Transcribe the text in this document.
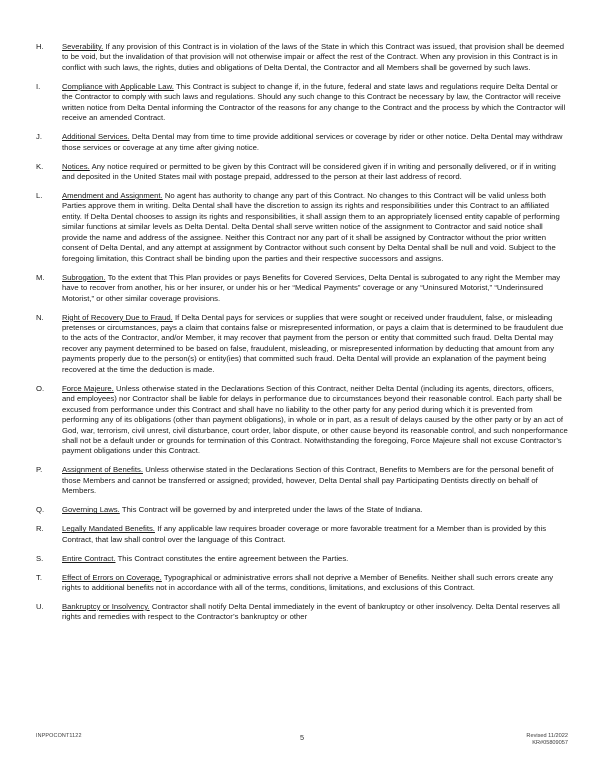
H.	Severability. If any provision of this Contract is in violation of the laws of the State in which this Contract was issued, that provision shall be deemed to be void, but the invalidation of that provision will not otherwise impair or affect the rest of the Contract. When any provision in this Contract is in conflict with such laws, the rights, duties and obligations of Delta Dental, the Contractor and all Members shall be governed by such laws.
I.	Compliance with Applicable Law. This Contract is subject to change if, in the future, federal and state laws and regulations require Delta Dental or the Contractor to comply with such laws and regulations. Should any such change to this Contract be necessary by law, the Contractor will receive written notice from Delta Dental informing the Contractor of the reasons for any change to the Contract and the process by which the Contractor will receive an amended Contract.
J.	Additional Services. Delta Dental may from time to time provide additional services or coverage by rider or other notice. Delta Dental may withdraw those services or coverage at any time after giving notice.
K.	Notices. Any notice required or permitted to be given by this Contract will be considered given if in writing and personally delivered, or if in writing and deposited in the United States mail with postage prepaid, addressed to the person at their last address of record.
L.	Amendment and Assignment. No agent has authority to change any part of this Contract. No changes to this Contract will be valid unless both Parties approve them in writing. Delta Dental shall have the discretion to assign its rights and responsibilities under this Contract to an affiliated entity. If Delta Dental chooses to assign its rights and responsibilities, it shall assign them to an appropriately licensed entity capable of performing similar functions at similar levels as Delta Dental. Delta Dental shall serve written notice of the assignment to Contractor and said notice shall provide the name and address of the assignee. Neither this Contract nor any part of it shall be assigned by Contractor without the prior written consent of Delta Dental, and any attempt at assignment by Contractor without such consent by Delta Dental shall be null and void. Subject to the foregoing limitation, this Contract shall be binding upon the parties and their respective successors and assigns.
M.	Subrogation. To the extent that This Plan provides or pays Benefits for Covered Services, Delta Dental is subrogated to any right the Member may have to recover from another, his or her insurer, or under his or her “Medical Payments” coverage or any “Uninsured Motorist,” “Underinsured Motorist,” or other similar coverage provisions.
N.	Right of Recovery Due to Fraud. If Delta Dental pays for services or supplies that were sought or received under fraudulent, false, or misleading pretenses or circumstances, pays a claim that contains false or misrepresented information, or pays a claim that is determined to be fraudulent due to the acts of the Contractor, and/or Member, it may recover that payment from the person or entity that committed such fraud. Delta Dental may recover any payment determined to be based on false, fraudulent, misleading, or misrepresented information by deducting that amount from any payments properly due to the person(s) or entity(ies) that committed such fraud. Delta Dental will provide an explanation of the payment being recovered at the time the deduction is made.
O.	Force Majeure. Unless otherwise stated in the Declarations Section of this Contract, neither Delta Dental (including its agents, directors, officers, and employees) nor Contractor shall be liable for delays in performance due to circumstances beyond their reasonable control. Each party shall be excused from performance under this Contract and shall have no liability to the other party for any period during which it is prevented from performing any of its obligations (other than payment obligations), in whole or in part, as a result of delays caused by the other party or by an act of God, war, terrorism, civil unrest, civil disturbance, court order, labor dispute, or other cause beyond its reasonable control, and such nonperformance shall not be a default under or grounds for termination of this Contract. Notwithstanding the foregoing, Force Majeure shall not excuse Contractor’s payment obligations under this Contract.
P.	Assignment of Benefits. Unless otherwise stated in the Declarations Section of this Contract, Benefits to Members are for the personal benefit of those Members and cannot be transferred or assigned; provided, however, Delta Dental shall pay Participating Dentists directly on behalf of Members.
Q.	Governing Laws. This Contract will be governed by and interpreted under the laws of the State of Indiana.
R.	Legally Mandated Benefits. If any applicable law requires broader coverage or more favorable treatment for a Member than is provided by this Contract, that law shall control over the language of this Contract.
S.	Entire Contract. This Contract constitutes the entire agreement between the Parties.
T.	Effect of Errors on Coverage. Typographical or administrative errors shall not deprive a Member of Benefits. Neither shall such errors create any rights to additional benefits not in accordance with all of the terms, conditions, limitations, and exclusions of this Contract.
U.	Bankruptcy or Insolvency. Contractor shall notify Delta Dental immediately in the event of bankruptcy or other insolvency. Delta Dental reserves all rights and remedies with respect to the Contractor’s bankruptcy or other
INPPOCONT1122	5	Revised 11/2022
KR#05809057
